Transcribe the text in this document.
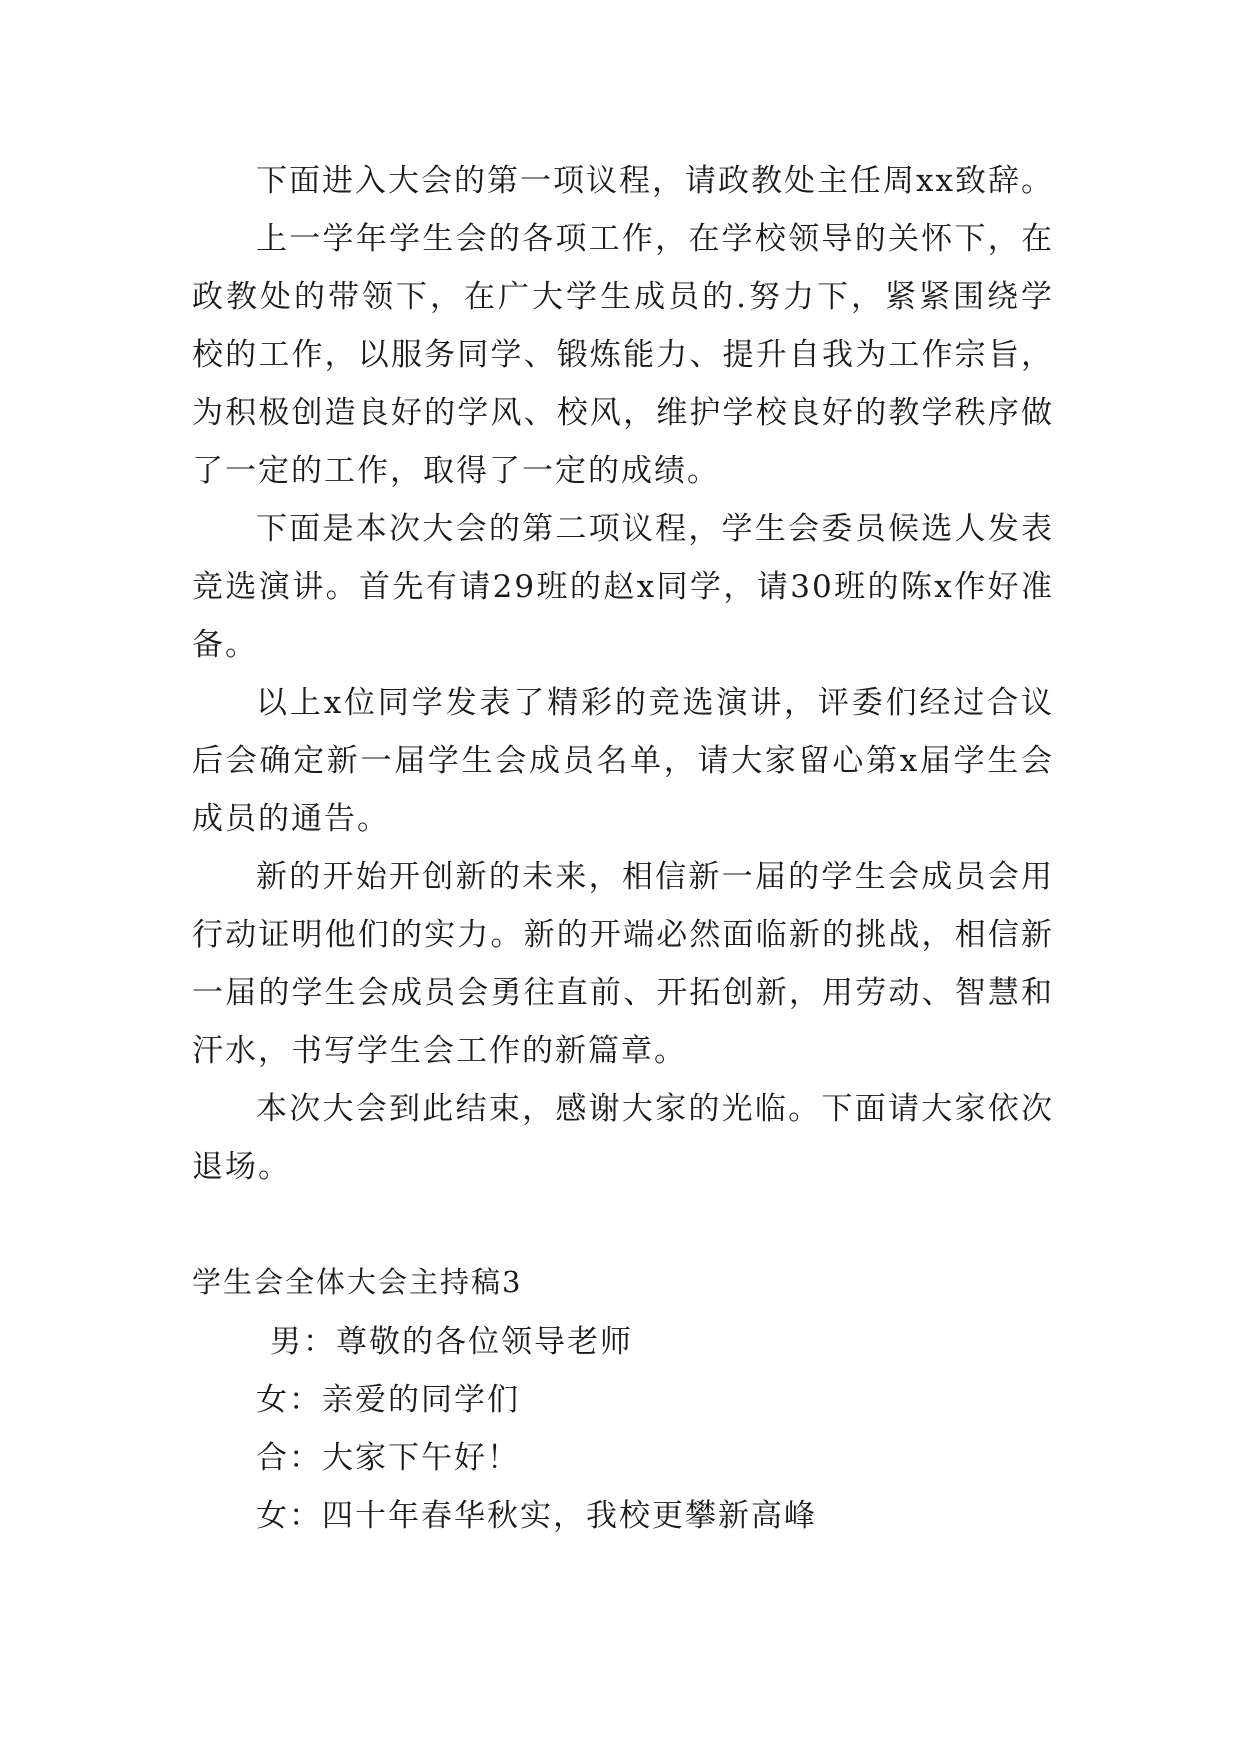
下面进入大会的第一项议程，请政教处主任周xx致辞。

上一学年学生会的各项工作，在学校领导的关怀下，在政教处的带领下，在广大学生成员的.努力下，紧紧围绕学校的工作，以服务同学、锻炼能力、提升自我为工作宗旨，为积极创造良好的学风、校风，维护学校良好的教学秩序做了一定的工作，取得了一定的成绩。

下面是本次大会的第二项议程，学生会委员候选人发表竞选演讲。首先有请29班的赵x同学，请30班的陈x作好准备。

以上x位同学发表了精彩的竞选演讲，评委们经过合议后会确定新一届学生会成员名单，请大家留心第x届学生会成员的通告。

新的开始开创新的未来，相信新一届的学生会成员会用行动证明他们的实力。新的开端必然面临新的挑战，相信新一届的学生会成员会勇往直前、开拓创新，用劳动、智慧和汗水，书写学生会工作的新篇章。

本次大会到此结束，感谢大家的光临。下面请大家依次退场。

学生会全体大会主持稿3

男：尊敬的各位领导老师

女：亲爱的同学们

合：大家下午好！

女：四十年春华秋实，我校更攀新高峰
